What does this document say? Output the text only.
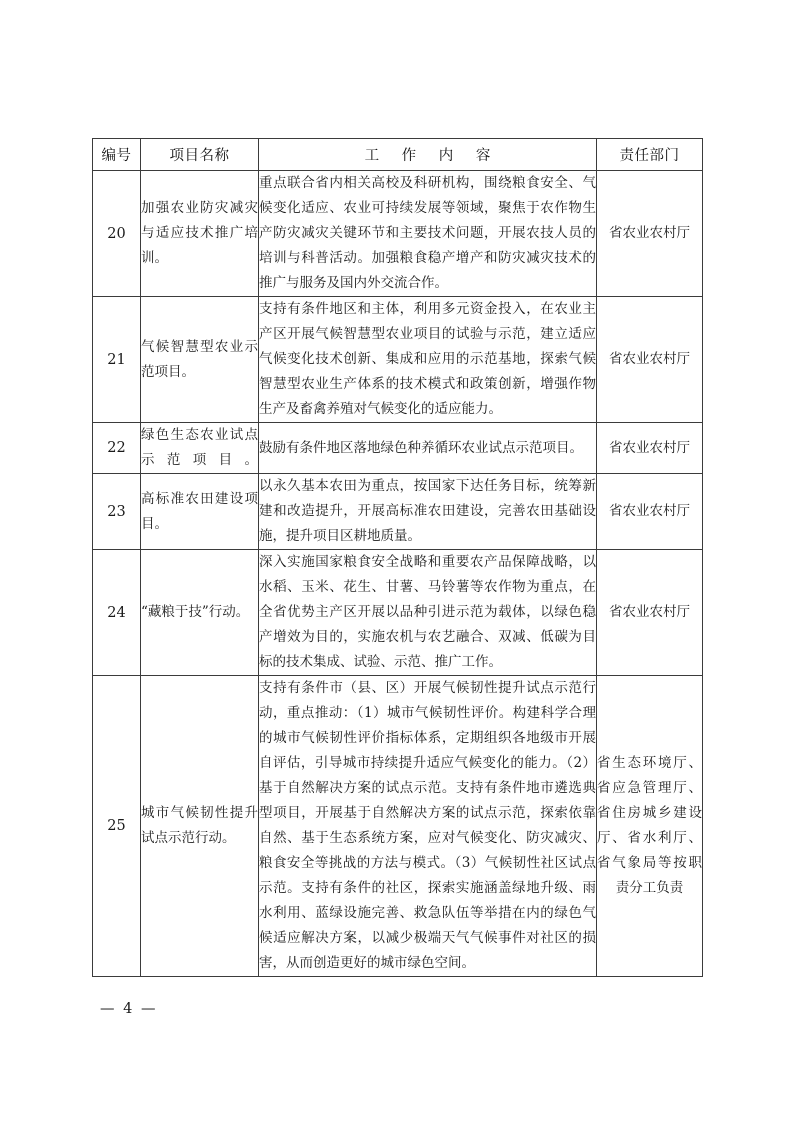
编号	项目名称	工 作 内 容	责任部门
20	加强农业防灾减灾与适应技术推广培训。	重点联合省内相关高校及科研机构，围绕粮食安全、气候变化适应、农业可持续发展等领域，聚焦于农作物生产防灾减灾关键环节和主要技术问题，开展农技人员的培训与科普活动。加强粮食稳产增产和防灾减灾技术的推广与服务及国内外交流合作。	省农业农村厅
21	气候智慧型农业示范项目。	支持有条件地区和主体，利用多元资金投入，在农业主产区开展气候智慧型农业项目的试验与示范，建立适应气候变化技术创新、集成和应用的示范基地，探索气候智慧型农业生产体系的技术模式和政策创新，增强作物生产及畜禽养殖对气候变化的适应能力。	省农业农村厅
22	绿色生态农业试点示范项目。	鼓励有条件地区落地绿色种养循环农业试点示范项目。	省农业农村厅
23	高标准农田建设项目。	以永久基本农田为重点，按国家下达任务目标，统筹新建和改造提升，开展高标准农田建设，完善农田基础设施，提升项目区耕地质量。	省农业农村厅
24	“藏粮于技”行动。	深入实施国家粮食安全战略和重要农产品保障战略，以水稻、玉米、花生、甘薯、马铃薯等农作物为重点，在全省优势主产区开展以品种引进示范为载体，以绿色稳产增效为目的，实施农机与农艺融合、双减、低碳为目标的技术集成、试验、示范、推广工作。	省农业农村厅
25	城市气候韧性提升试点示范行动。	支持有条件市（县、区）开展气候韧性提升试点示范行动，重点推动：（1）城市气候韧性评价。构建科学合理的城市气候韧性评价指标体系，定期组织各地级市开展自评估，引导城市持续提升适应气候变化的能力。（2）基于自然解决方案的试点示范。支持有条件地市遴选典型项目，开展基于自然解决方案的试点示范，探索依靠自然、基于生态系统方案，应对气候变化、防灾减灾、粮食安全等挑战的方法与模式。（3）气候韧性社区试点示范。支持有条件的社区，探索实施涵盖绿地升级、雨水利用、蓝绿设施完善、救急队伍等举措在内的绿色气候适应解决方案，以减少极端天气气候事件对社区的损害，从而创造更好的城市绿色空间。	省生态环境厅、省应急管理厅、省住房城乡建设厅、省水利厅、省气象局等按职责分工负责
— 4 —
